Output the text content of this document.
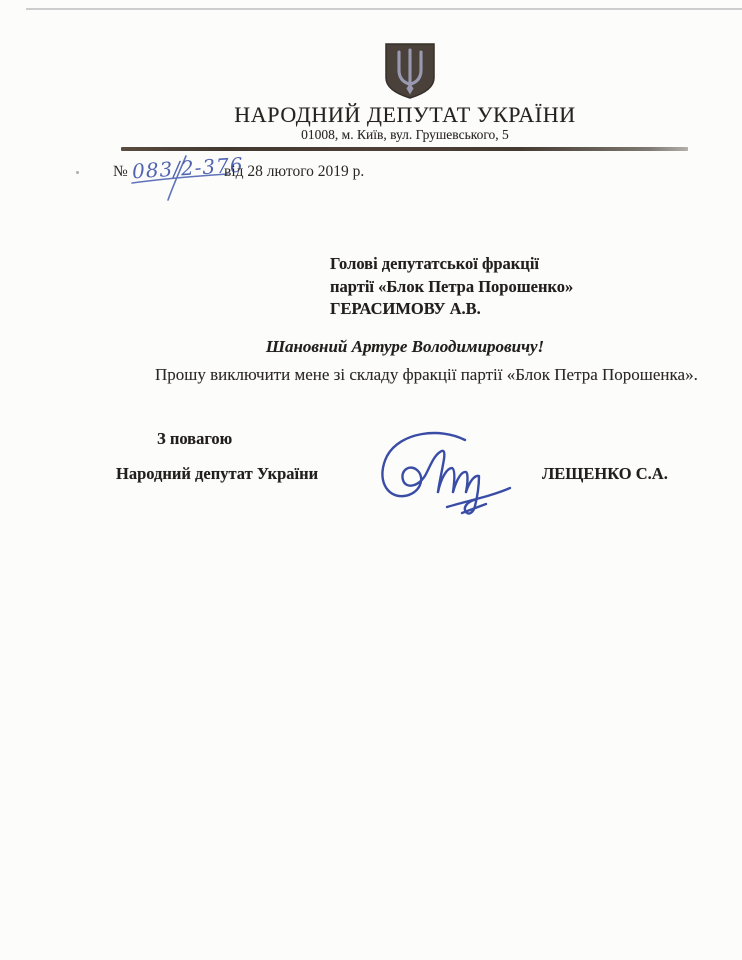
НАРОДНИЙ ДЕПУТАТ УКРАЇНИ
01008, м. Київ, вул. Грушевського, 5
№ 083/2-376
від 28 лютого 2019 р.
Голові депутатської фракції
партії «Блок Петра Порошенко»
ГЕРАСИМОВУ А.В.
Шановний Артуре Володимировичу!

Прошу виключити мене зі складу фракції партії «Блок Петра Порошенка».

З повагою
Народний депутат України	ЛЕЩЕНКО С.А.
